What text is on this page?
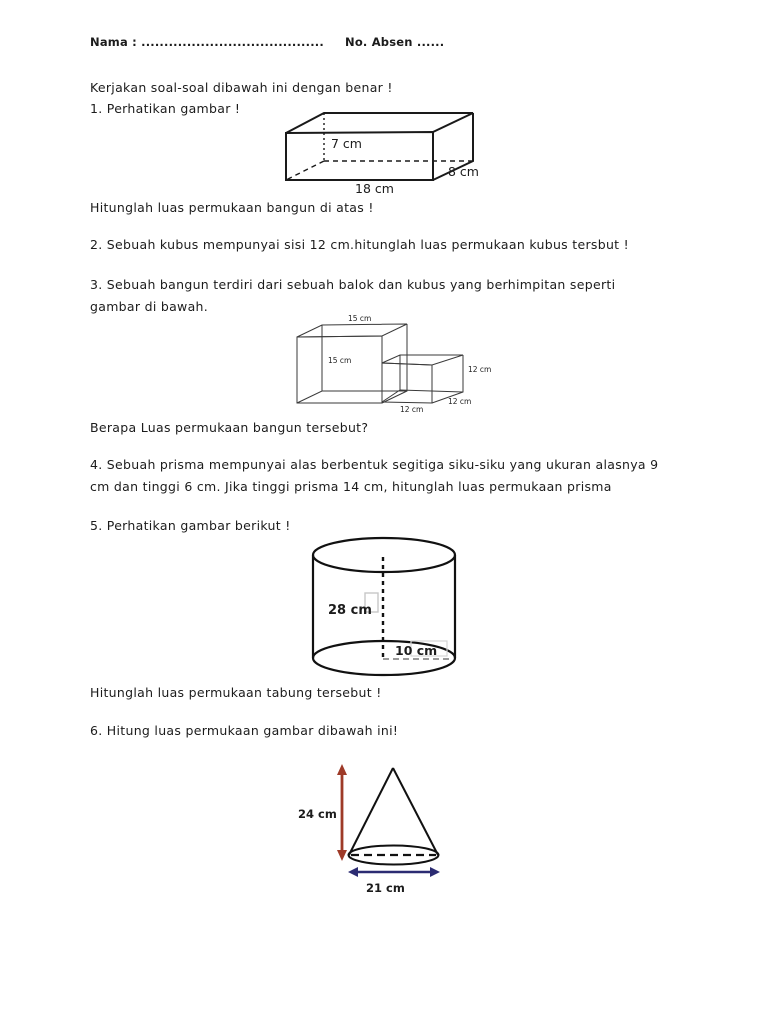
Nama : ........................................ No. Absen ......
Kerjakan soal-soal dibawah ini dengan benar !
1. Perhatikan gambar !
7 cm
18 cm
8 cm
Hitunglah luas permukaan bangun di atas !
2. Sebuah kubus mempunyai sisi 12 cm.hitunglah luas permukaan kubus tersbut !
3. Sebuah bangun terdiri dari sebuah balok dan kubus yang berhimpitan seperti
gambar di bawah.
15 cm
15 cm
12 cm
12 cm
12 cm
Berapa Luas permukaan bangun tersebut?
4. Sebuah prisma mempunyai alas berbentuk segitiga siku-siku yang ukuran alasnya 9
cm dan tinggi 6 cm. Jika tinggi prisma 14 cm, hitunglah luas permukaan prisma
5. Perhatikan gambar berikut !
28 cm
10 cm
Hitunglah luas permukaan tabung tersebut !
6. Hitung luas permukaan gambar dibawah ini!
24 cm
21 cm
